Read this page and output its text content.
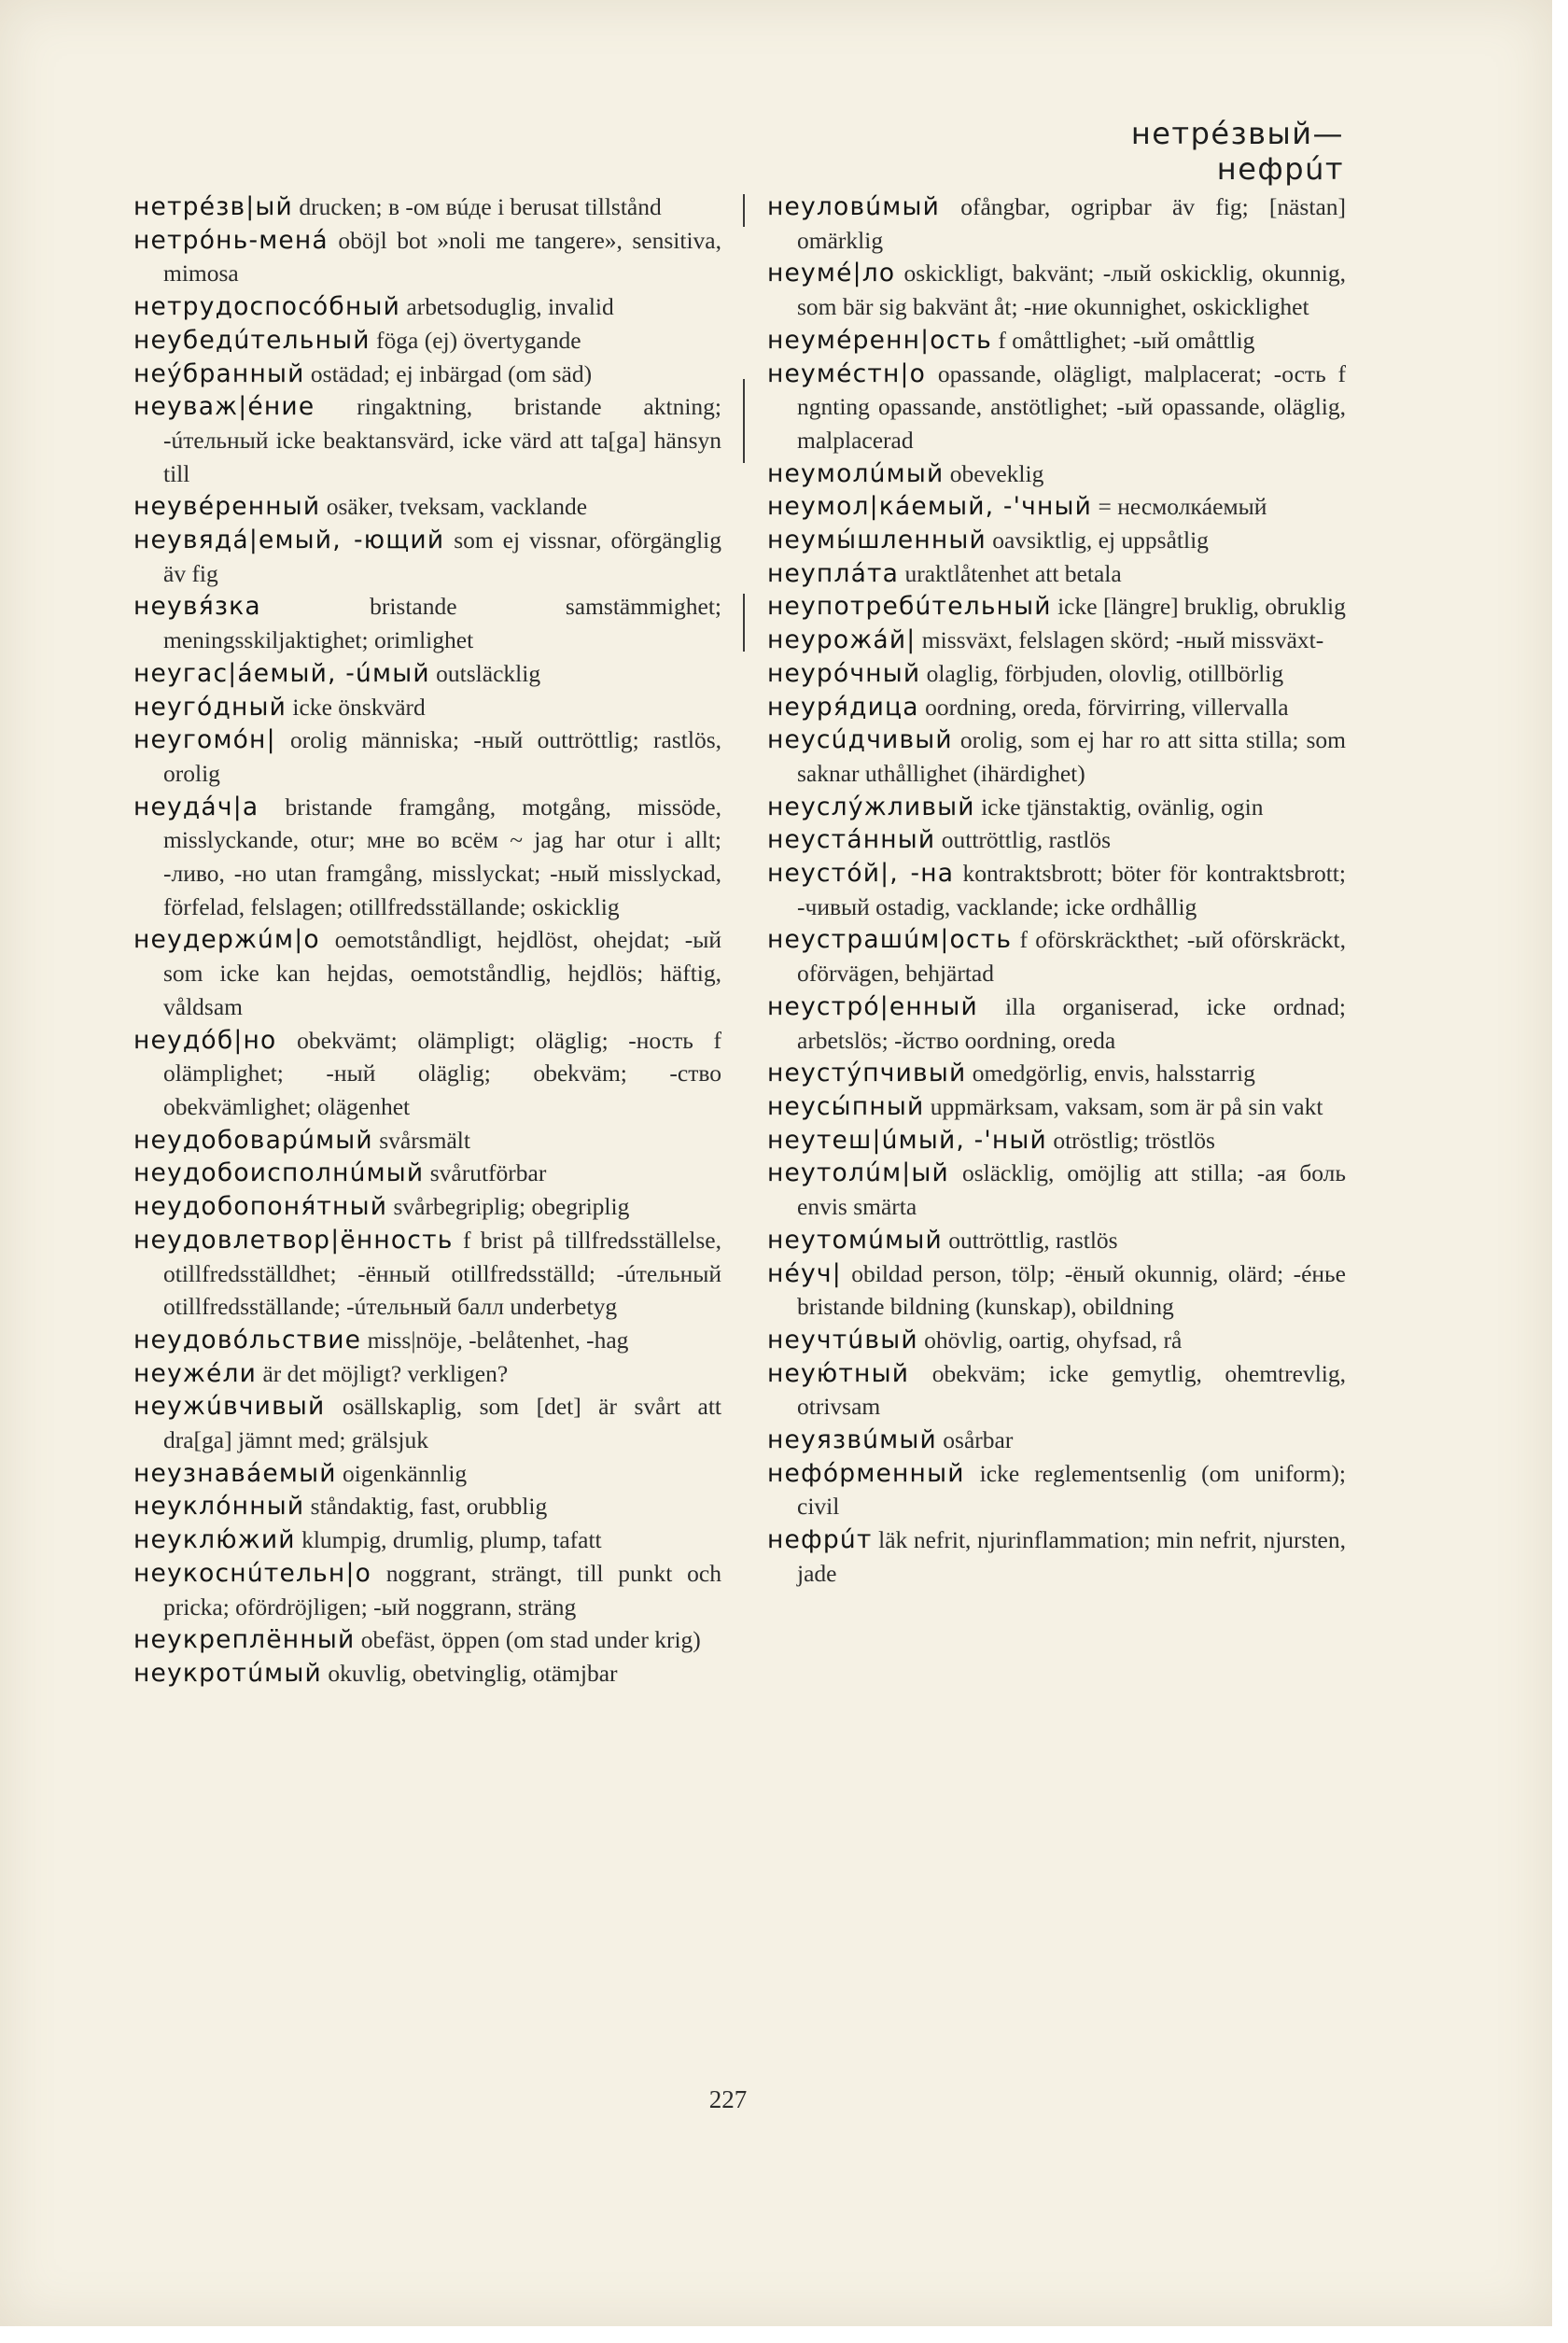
нетрéзвый—нефрúт

нетрéзв|ый drucken; в -ом вúде i berusat tillstånd

нетрóнь-менá oböjl bot »noli me tangere», sensitiva, mimosa

нетрудоспосóбный arbetsoduglig, invalid

неубедúтельный föga (ej) övertygande

неýбранный ostädad; ej inbärgad (om säd)

неуваж|éние ringaktning, bristande aktning; -úтельный icke beaktansvärd, icke värd att ta[ga] hänsyn till

неувéренный osäker, tveksam, vacklande

неувядá|емый, -ющий som ej vissnar, oförgänglig äv fig

неувя́зка bristande samstämmighet; meningsskiljaktighet; orimlighet

неугас|áемый, -úмый outsläcklig

неугóдный icke önskvärd

неугомóн| orolig människa; -ный outtröttlig; rastlös, orolig

неудáч|а bristande framgång, motgång, missöde, misslyckande, otur; мне во всём ~ jag har otur i allt; -ливо, -но utan framgång, misslyckat; -ный misslyckad, förfelad, felslagen; otillfredsställande; oskicklig

неудержúм|о oemotståndligt, hejdlöst, ohejdat; -ый som icke kan hejdas, oemotståndlig, hejdlös; häftig, våldsam

неудóб|но obekvämt; olämpligt; oläglig; -ность f olämplighet; -ный oläglig; obekväm; -ство obekvämlighet; olägenhet

неудобоварúмый svårsmält

неудобоисполнúмый svårutförbar

неудобопоня́тный svårbegriplig; obegriplig

неудовлетвор|ённость f brist på tillfredsställelse, otillfredsställdhet; -ённый otillfredsställd; -úтельный otillfredsställande; -úтельный балл underbetyg

неудовóльствие miss|nöje, -belåtenhet, -hag

неужéли är det möjligt? verkligen?

неужúвчивый osällskaplig, som [det] är svårt att dra[ga] jämnt med; grälsjuk

неузнавáемый oigenkännlig

неуклóнный ståndaktig, fast, orubblig

неуклю́жий klumpig, drumlig, plump, tafatt

неукоснúтельн|о noggrant, strängt, till punkt och pricka; ofördröjligen; -ый noggrann, sträng

неукреплённый obefäst, öppen (om stad under krig)

неукротúмый okuvlig, obetvinglig, otämjbar

неуловúмый ofångbar, ogripbar äv fig; [nästan] omärklig

неумé|ло oskickligt, bakvänt; -лый oskicklig, okunnig, som bär sig bakvänt åt; -ние okunnighet, oskicklighet

неумéренн|ость f omåttlighet; -ый omåttlig

неумéстн|о opassande, olägligt, malplacerat; -ость f ngnting opassande, anstötlighet; -ый opassande, oläglig, malplacerad

неумолúмый obeveklig

неумол|кáемый, -'чный = несмолкáемый

неумы́шленный oavsiktlig, ej uppsåtlig

неуплáта uraktlåtenhet att betala

неупотребúтельный icke [längre] bruklig, obruklig

неурожáй| missväxt, felslagen skörd; -ный missväxt-

неурóчный olaglig, förbjuden, olovlig, otillbörlig

неуря́дица oordning, oreda, förvirring, villervalla

неусúдчивый orolig, som ej har ro att sitta stilla; som saknar uthållighet (ihärdighet)

неуслýжливый icke tjänstaktig, ovänlig, ogin

неустáнный outtröttlig, rastlös

неустóй|, -на kontraktsbrott; böter för kontraktsbrott; -чивый ostadig, vacklande; icke ordhållig

неустрашúм|ость f oförskräckthet; -ый oförskräckt, oförvägen, behjärtad

неустрó|енный illa organiserad, icke ordnad; arbetslös; -йство oordning, oreda

неустýпчивый omedgörlig, envis, halsstarrig

неусы́пный uppmärksam, vaksam, som är på sin vakt

неутеш|úмый, -'ный otröstlig; tröstlös

неутолúм|ый osläcklig, omöjlig att stilla; -ая боль envis smärta

неутомúмый outtröttlig, rastlös

нéуч| obildad person, tölp; -ёный okunnig, olärd; -éнье bristande bildning (kunskap), obildning

неучтúвый ohövlig, oartig, ohyfsad, rå

неую́тный obekväm; icke gemytlig, ohemtrevlig, otrivsam

неуязвúмый osårbar

нефóрменный icke reglementsenlig (om uniform); civil

нефрúт läk nefrit, njurinflammation; min nefrit, njursten, jade

227
